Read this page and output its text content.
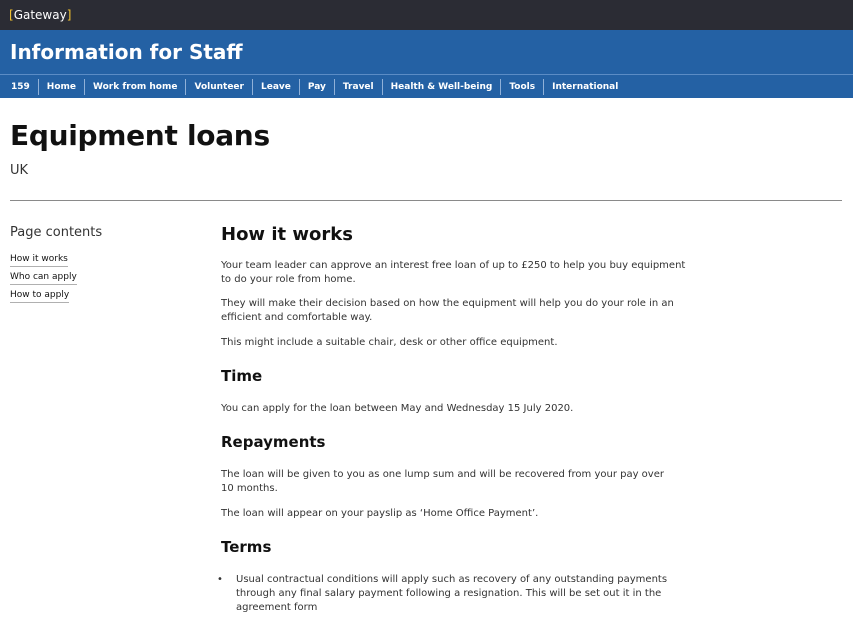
[Gateway]
Information for Staff
159	Home	Work from home	Volunteer	Leave	Pay	Travel	Health & Well-being	Tools	International
Equipment loans
UK
Page contents
How it works
Who can apply
How to apply
How it works

Your team leader can approve an interest free loan of up to £250 to help you buy equipment to do your role from home.

They will make their decision based on how the equipment will help you do your role in an efficient and comfortable way.

This might include a suitable chair, desk or other office equipment.

Time

You can apply for the loan between May and Wednesday 15 July 2020.

Repayments

The loan will be given to you as one lump sum and will be recovered from your pay over 10 months.

The loan will appear on your payslip as ‘Home Office Payment’.

Terms
• Usual contractual conditions will apply such as recovery of any outstanding payments through any final salary payment following a resignation. This will be set out it in the agreement form
